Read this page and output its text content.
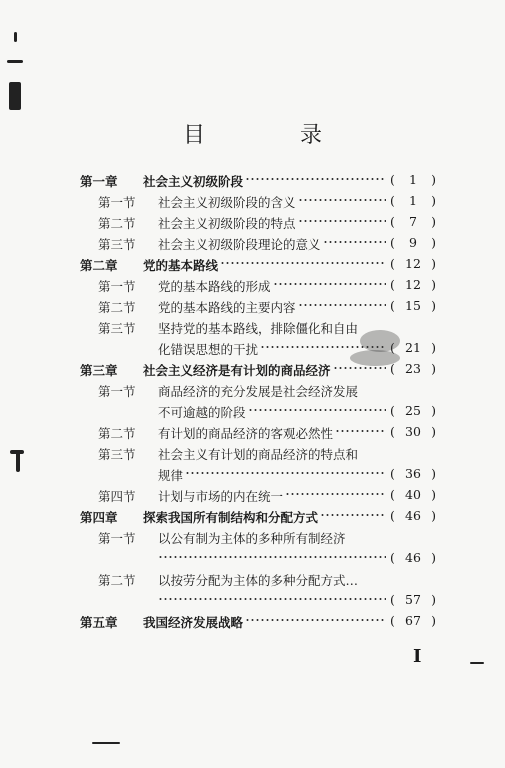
目 录
第一章 社会主义初级阶段	( 1 )
第一节 社会主义初级阶段的含义	( 1 )
第二节 社会主义初级阶段的特点	( 7 )
第三节 社会主义初级阶段理论的意义	( 9 )
第二章 党的基本路线	( 12 )
第一节 党的基本路线的形成	( 12 )
第二节 党的基本路线的主要内容	( 15 )
第三节 坚持党的基本路线，排除僵化和自由
化错误思想的干扰	( 21 )
第三章 社会主义经济是有计划的商品经济	( 23 )
第一节 商品经济的充分发展是社会经济发展
不可逾越的阶段	( 25 )
第二节 有计划的商品经济的客观必然性	( 30 )
第三节 社会主义有计划的商品经济的特点和
规律	( 36 )
第四节 计划与市场的内在统一	( 40 )
第四章 探索我国所有制结构和分配方式	( 46 )
第一节 以公有制为主体的多种所有制经济
( 46 )
第二节 以按劳分配为主体的多种分配方式…
( 57 )
第五章 我国经济发展战略	( 67 )
I
